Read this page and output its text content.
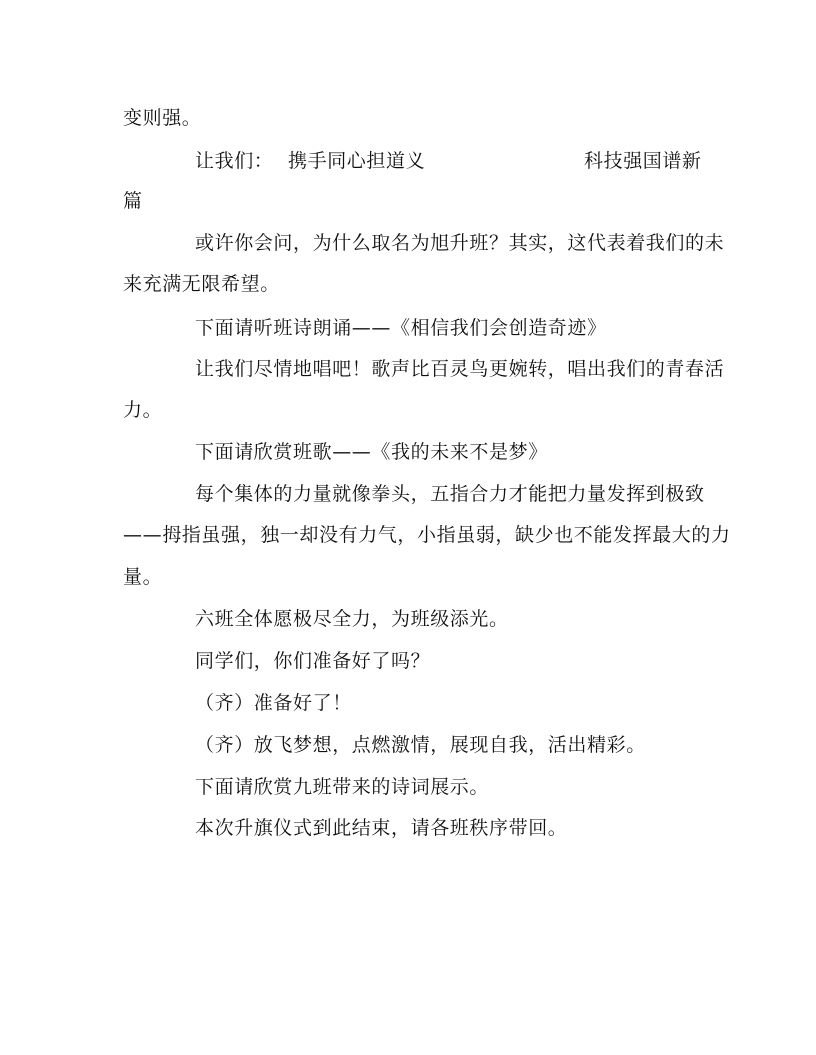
变则强。
让我们： 携手同心担道义	科技强国谱新
篇
或许你会问，为什么取名为旭升班？其实，这代表着我们的未
来充满无限希望。
下面请听班诗朗诵——《相信我们会创造奇迹》
让我们尽情地唱吧！歌声比百灵鸟更婉转，唱出我们的青春活
力。
下面请欣赏班歌——《我的未来不是梦》
每个集体的力量就像拳头，五指合力才能把力量发挥到极致
——拇指虽强，独一却没有力气，小指虽弱，缺少也不能发挥最大的力
量。
六班全体愿极尽全力，为班级添光。
同学们，你们准备好了吗？
（齐）准备好了！
（齐）放飞梦想，点燃激情，展现自我，活出精彩。
下面请欣赏九班带来的诗词展示。
本次升旗仪式到此结束，请各班秩序带回。
